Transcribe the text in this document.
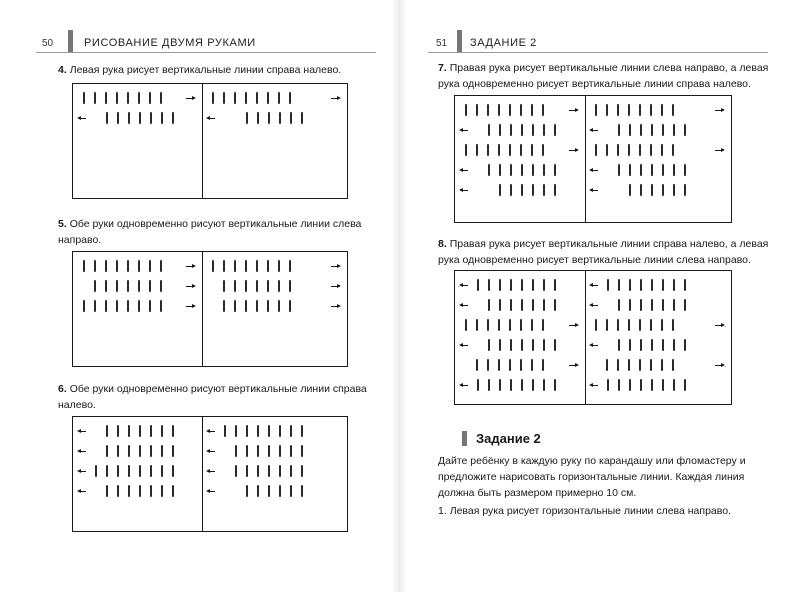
50	РИСОВАНИЕ ДВУМЯ РУКАМИ
4. Левая рука рисует вертикальные линии справа налево.
5. Обе руки одновременно рисуют вертикальные линии слева направо.
6. Обе руки одновременно рисуют вертикальные линии справа налево.
51 ЗАДАНИЕ 2
7. Правая рука рисует вертикальные линии слева направо, а левая рука одновременно рисует вертикальные линии справа налево.
8. Правая рука рисует вертикальные линии справа налево, а левая рука одновременно рисует вертикальные линии слева направо.
Задание 2
Дайте ребёнку в каждую руку по карандашу или фломастеру и предложите нарисовать горизонтальные линии. Каждая линия должна быть размером примерно 10 см.
1. Левая рука рисует горизонтальные линии слева направо.
